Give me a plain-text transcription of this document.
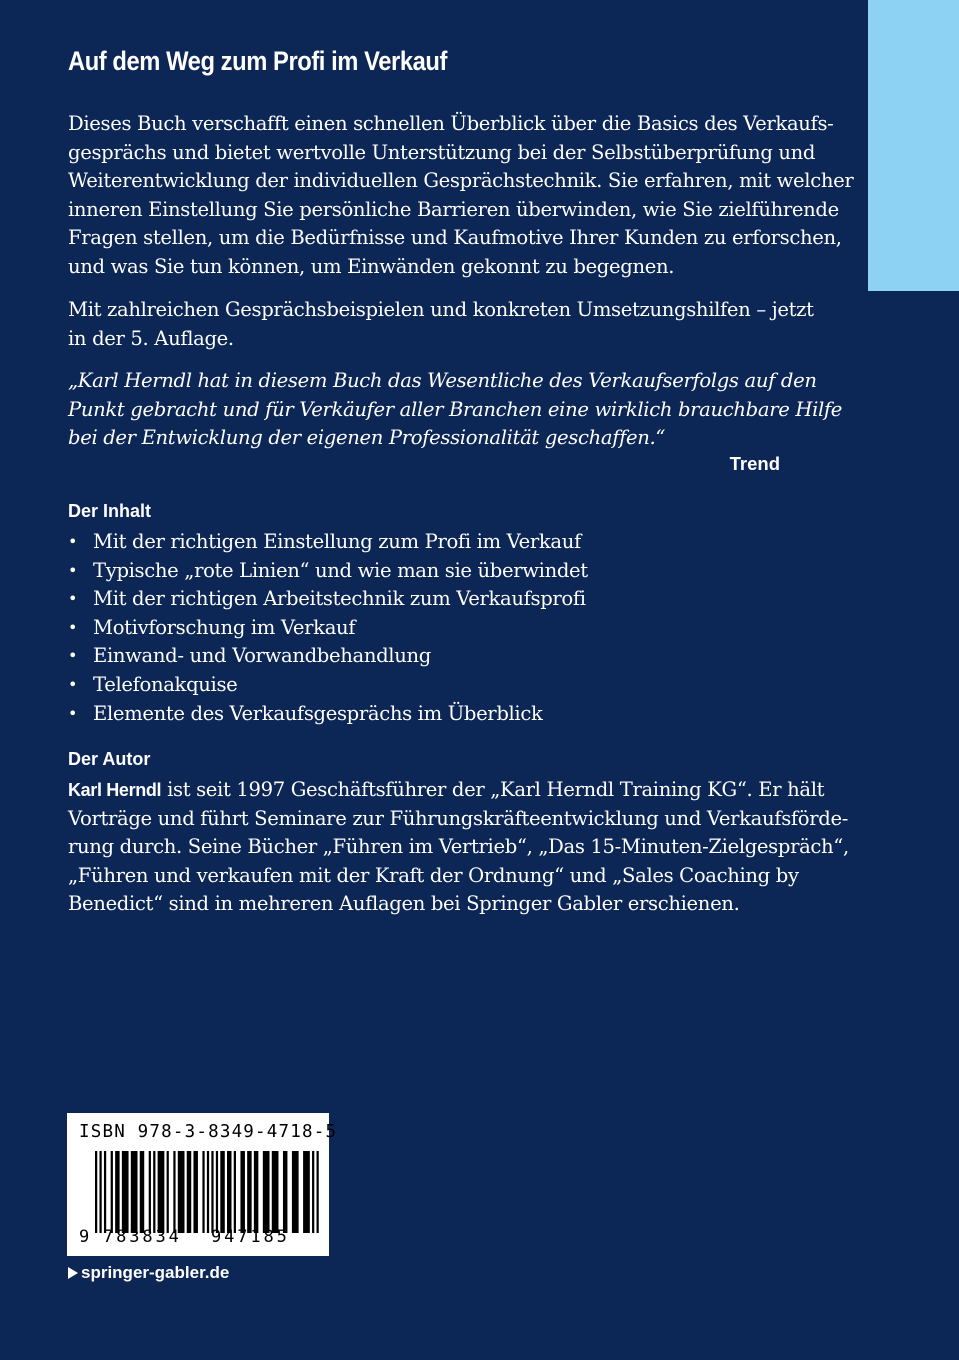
Auf dem Weg zum Profi im Verkauf
Dieses Buch verschafft einen schnellen Überblick über die Basics des Verkaufs-
gesprächs und bietet wertvolle Unterstützung bei der Selbstüberprüfung und
Weiterentwicklung der individuellen Gesprächstechnik. Sie erfahren, mit welcher
inneren Einstellung Sie persönliche Barrieren überwinden, wie Sie zielführende
Fragen stellen, um die Bedürfnisse und Kaufmotive Ihrer Kunden zu erforschen,
und was Sie tun können, um Einwänden gekonnt zu begegnen.
Mit zahlreichen Gesprächsbeispielen und konkreten Umsetzungshilfen – jetzt
in der 5. Auflage.
„Karl Herndl hat in diesem Buch das Wesentliche des Verkaufserfolgs auf den
Punkt gebracht und für Verkäufer aller Branchen eine wirklich brauchbare Hilfe
bei der Entwicklung der eigenen Professionalität geschaffen.“
Trend
Der Inhalt
• Mit der richtigen Einstellung zum Profi im Verkauf
• Typische „rote Linien“ und wie man sie überwindet
• Mit der richtigen Arbeitstechnik zum Verkaufsprofi
• Motivforschung im Verkauf
• Einwand- und Vorwandbehandlung
• Telefonakquise
• Elemente des Verkaufsgesprächs im Überblick
Der Autor
Karl Herndl ist seit 1997 Geschäftsführer der „Karl Herndl Training KG“. Er hält
Vorträge und führt Seminare zur Führungskräfteentwicklung und Verkaufsförde-
rung durch. Seine Bücher „Führen im Vertrieb“, „Das 15-Minuten-Zielgespräch“,
„Führen und verkaufen mit der Kraft der Ordnung“ und „Sales Coaching by
Benedict“ sind in mehreren Auflagen bei Springer Gabler erschienen.
ISBN 978-3-8349-4718-5
9 783834 947185
springer-gabler.de
